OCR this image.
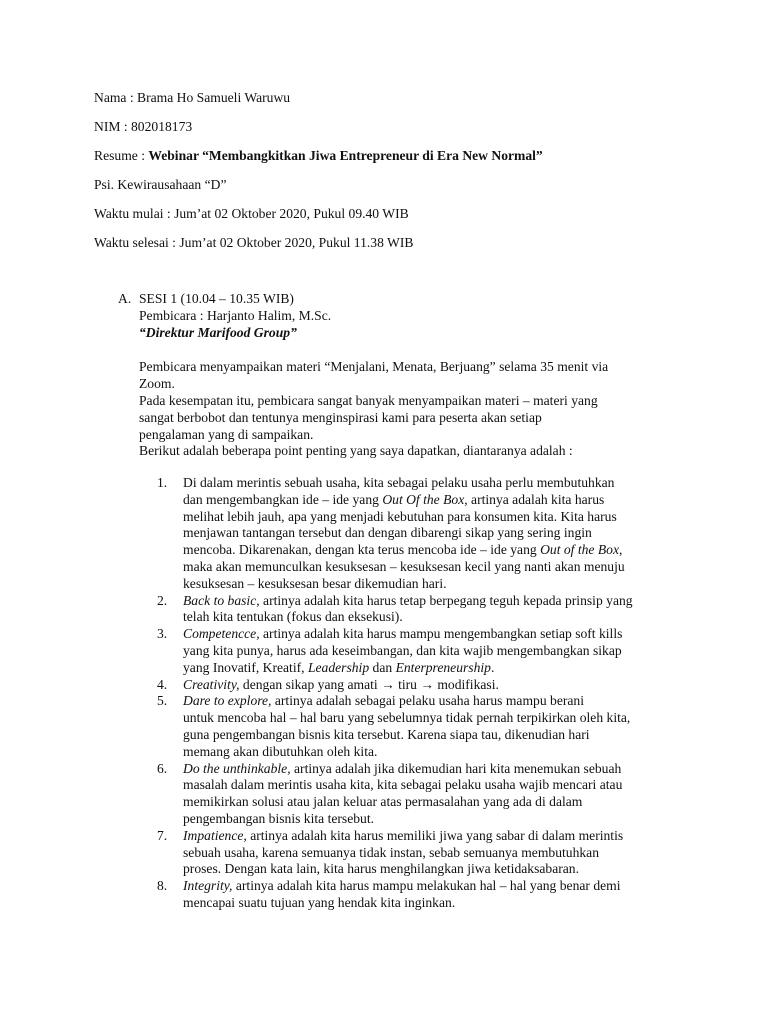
Nama : Brama Ho Samueli Waruwu
NIM : 802018173
Resume : Webinar “Membangkitkan Jiwa Entrepreneur di Era New Normal”
Psi. Kewirausahaan “D”
Waktu mulai : Jum’at 02 Oktober 2020, Pukul 09.40 WIB
Waktu selesai : Jum’at 02 Oktober 2020, Pukul 11.38 WIB
A. SESI 1 (10.04 – 10.35 WIB)
Pembicara : Harjanto Halim, M.Sc.
“Direktur Marifood Group”
Pembicara menyampaikan materi “Menjalani, Menata, Berjuang” selama 35 menit via
Zoom.
Pada kesempatan itu, pembicara sangat banyak menyampaikan materi – materi yang
sangat berbobot dan tentunya menginspirasi kami para peserta akan setiap
pengalaman yang di sampaikan.
Berikut adalah beberapa point penting yang saya dapatkan, diantaranya adalah :
1. Di dalam merintis sebuah usaha, kita sebagai pelaku usaha perlu membutuhkan
dan mengembangkan ide – ide yang Out Of the Box, artinya adalah kita harus
melihat lebih jauh, apa yang menjadi kebutuhan para konsumen kita. Kita harus
menjawan tantangan tersebut dan dengan dibarengi sikap yang sering ingin
mencoba. Dikarenakan, dengan kta terus mencoba ide – ide yang Out of the Box,
maka akan memunculkan kesuksesan – kesuksesan kecil yang nanti akan menuju
kesuksesan – kesuksesan besar dikemudian hari.
2. Back to basic, artinya adalah kita harus tetap berpegang teguh kepada prinsip yang
telah kita tentukan (fokus dan eksekusi).
3. Competencce, artinya adalah kita harus mampu mengembangkan setiap soft kills
yang kita punya, harus ada keseimbangan, dan kita wajib mengembangkan sikap
yang Inovatif, Kreatif, Leadership dan Enterpreneurship.
4. Creativity, dengan sikap yang amati → tiru → modifikasi.
5. Dare to explore, artinya adalah sebagai pelaku usaha harus mampu berani
untuk mencoba hal – hal baru yang sebelumnya tidak pernah terpikirkan oleh kita,
guna pengembangan bisnis kita tersebut. Karena siapa tau, dikenudian hari
memang akan dibutuhkan oleh kita.
6. Do the unthinkable, artinya adalah jika dikemudian hari kita menemukan sebuah
masalah dalam merintis usaha kita, kita sebagai pelaku usaha wajib mencari atau
memikirkan solusi atau jalan keluar atas permasalahan yang ada di dalam
pengembangan bisnis kita tersebut.
7. Impatience, artinya adalah kita harus memiliki jiwa yang sabar di dalam merintis
sebuah usaha, karena semuanya tidak instan, sebab semuanya membutuhkan
proses. Dengan kata lain, kita harus menghilangkan jiwa ketidaksabaran.
8. Integrity, artinya adalah kita harus mampu melakukan hal – hal yang benar demi
mencapai suatu tujuan yang hendak kita inginkan.
